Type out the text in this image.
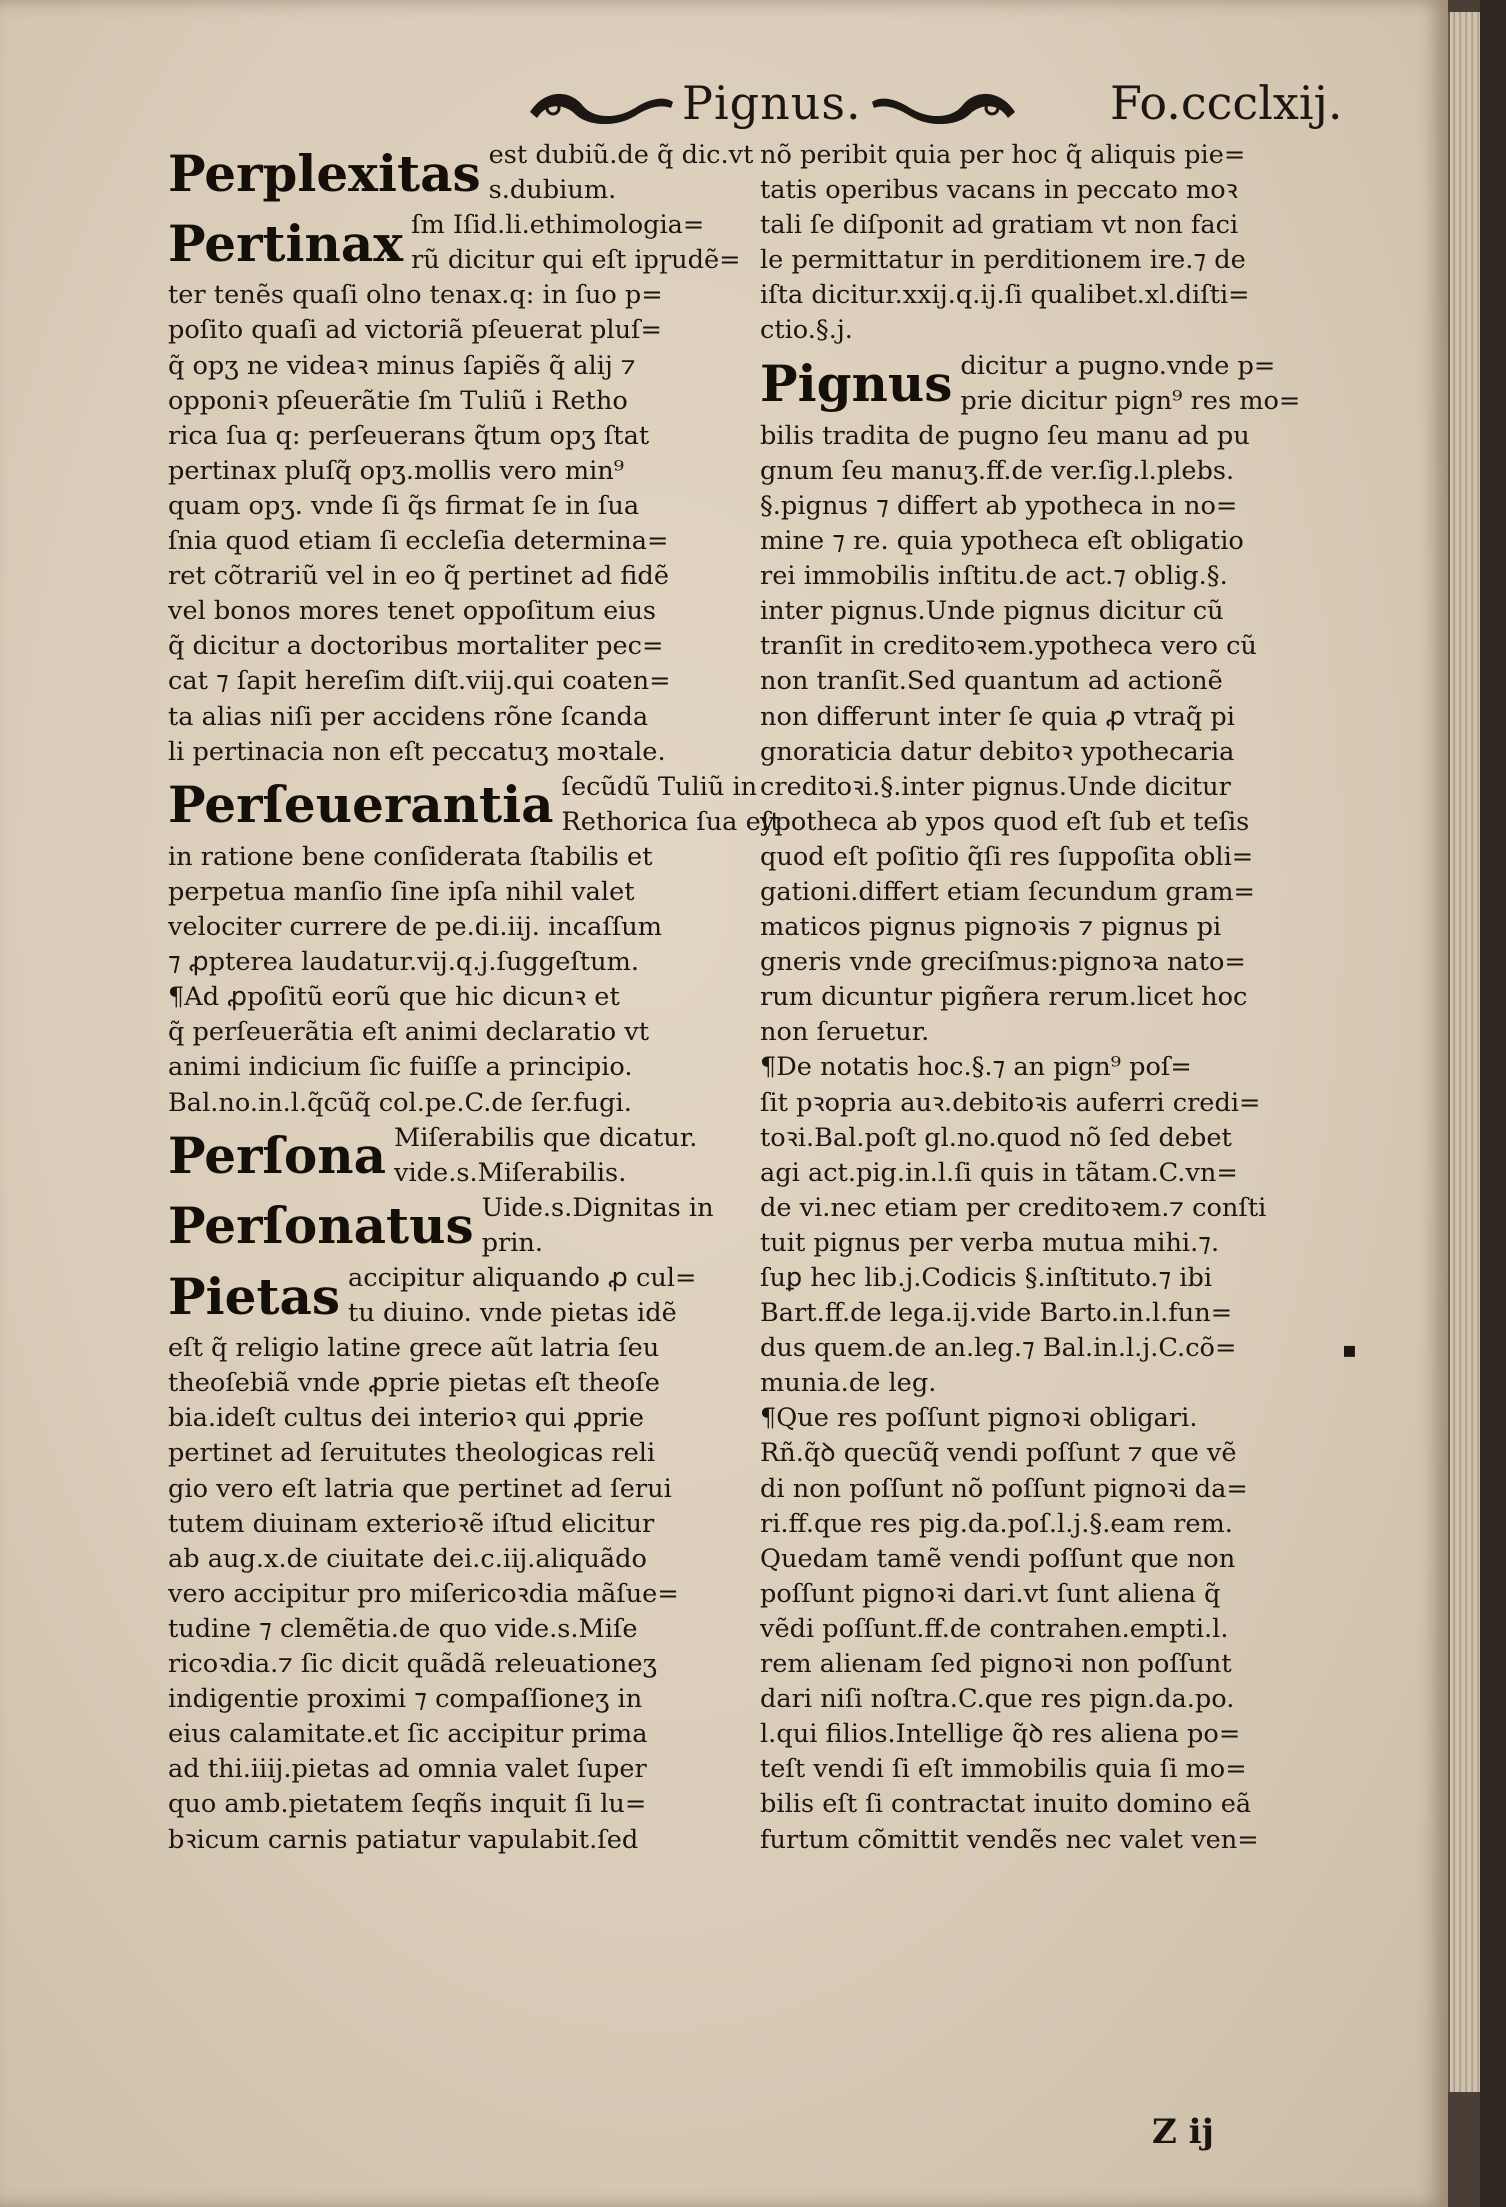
Pignus.	Fo.ccclxij.
Perplexitas est dubiũ.de q̃ dic.vt
s.dubium.
Pertinax ſm Iſid.li.ethimologia=
rũ dicitur qui eſt ipɼudẽ=
ter tenẽs quaſi olno tenax.q: in ſuo p=
poſito quaſi ad victoriã pſeuerat pluſ=
q̃ opʒ ne videaꝛ minus ſapiẽs q̃ alij ⁊
opponiꝛ pſeuerãtie ſm Tuliũ i Retho
rica ſua q: perſeuerans q̃tum opʒ ſtat
pertinax pluſq̃ opʒ.mollis vero min⁹
quam opʒ. vnde ſi q̃s firmat ſe in ſua
ſnia quod etiam ſi eccleſia determina=
ret cõtrariũ vel in eo q̃ pertinet ad fidẽ
vel bonos mores tenet oppoſitum eius
q̃ dicitur a doctoribus mortaliter pec=
cat ⁊ ſapit hereſim diſt.viij.qui coaten=
ta alias niſi per accidens rõne ſcanda
li pertinacia non eſt peccatuʒ moꝛtale.
Perſeuerantia ſecũdũ Tuliũ in
Rethorica ſua eſt
in ratione bene conſiderata ſtabilis et
perpetua manſio ſine ipſa nihil valet
velociter currere de pe.di.iij. incaſſum
⁊ ꝓpterea laudatur.vij.q.j.ſuggeſtum.
¶Ad ꝓpoſitũ eorũ que hic dicunꝛ et
q̃ perſeuerãtia eſt animi declaratio vt
animi indicium ſic fuiſſe a principio.
Bal.no.in.l.q̃cũq̃ col.pe.C.de ſer.fugi.
Perſona Miſerabilis que dicatur.
vide.s.Miſerabilis.
Perſonatus Uide.s.Dignitas in
prin.
Pietas accipitur aliquando ꝓ cul=
tu diuino. vnde pietas idẽ
eſt q̃ religio latine grece aũt latria ſeu
theoſebiã vnde ꝓprie pietas eſt theoſe
bia.ideſt cultus dei interioꝛ qui ꝓprie
pertinet ad ſeruitutes theologicas reli
gio vero eſt latria que pertinet ad ſerui
tutem diuinam exterioꝛẽ iſtud elicitur
ab aug.x.de ciuitate dei.c.iij.aliquãdo
vero accipitur pro miſericoꝛdia mãſue=
tudine ⁊ clemẽtia.de quo vide.s.Miſe
ricoꝛdia.⁊ ſic dicit quãdã releuationeʒ
indigentie proximi ⁊ compaſſioneʒ in
eius calamitate.et ſic accipitur prima
ad thi.iiij.pietas ad omnia valet ſuper
quo amb.pietatem ſeqñs inquit ſi lu=
bꝛicum carnis patiatur vapulabit.ſed
nõ peribit quia per hoc q̃ aliquis pie=
tatis operibus vacans in peccato moꝛ
tali ſe diſponit ad gratiam vt non faci
le permittatur in perditionem ire.⁊ de
iſta dicitur.xxij.q.ij.ſi qualibet.xl.diſti=
ctio.§.j.
Pignus dicitur a pugno.vnde p=
prie dicitur pign⁹ res mo=
bilis tradita de pugno ſeu manu ad pu
gnum ſeu manuʒ.ff.de ver.ſig.l.plebs.
§.pignus ⁊ differt ab ypotheca in no=
mine ⁊ re. quia ypotheca eſt obligatio
rei immobilis inſtitu.de act.⁊ oblig.§.
inter pignus.Unde pignus dicitur cũ
tranſit in creditoꝛem.ypotheca vero cũ
non tranſit.Sed quantum ad actionẽ
non differunt inter ſe quia ꝓ vtraq̃ pi
gnoraticia datur debitoꝛ ypothecaria
creditoꝛi.§.inter pignus.Unde dicitur
ypotheca ab ypos quod eſt ſub et teſis
quod eſt poſitio q̃ſi res ſuppoſita obli=
gationi.differt etiam ſecundum gram=
maticos pignus pignoꝛis ⁊ pignus pi
gneris vnde greciſmus:pignoꝛa nato=
rum dicuntur pigñera rerum.licet hoc
non ſeruetur.
¶De notatis hoc.§.⁊ an pign⁹ poſ=
ſit pꝛopria auꝛ.debitoꝛis auferri credi=
toꝛi.Bal.poſt gl.no.quod nõ ſed debet
agi act.pig.in.l.ſi quis in tãtam.C.vn=
de vi.nec etiam per creditoꝛem.⁊ conſti
tuit pignus per verba mutua mihi.⁊.
ſuꝑ hec lib.j.Codicis §.inſtituto.⁊ ibi
Bart.ff.de lega.ij.vide Barto.in.l.fun=
dus quem.de an.leg.⁊ Bal.in.l.j.C.cõ=
munia.de leg.
¶Que res poſſunt pignoꝛi obligari.
Rñ.q̃ꝺ quecũq̃ vendi poſſunt ⁊ que vẽ
di non poſſunt nõ poſſunt pignoꝛi da=
ri.ff.que res pig.da.poſ.l.j.§.eam rem.
Quedam tamẽ vendi poſſunt que non
poſſunt pignoꝛi dari.vt ſunt aliena q̃
vẽdi poſſunt.ff.de contrahen.empti.l.
rem alienam ſed pignoꝛi non poſſunt
dari niſi noſtra.C.que res pign.da.po.
l.qui filios.Intellige q̃ꝺ res aliena po=
teſt vendi ſi eſt immobilis quia ſi mo=
bilis eſt ſi contractat inuito domino eã
furtum cõmittit vendẽs nec valet ven=
▪
Z ij
